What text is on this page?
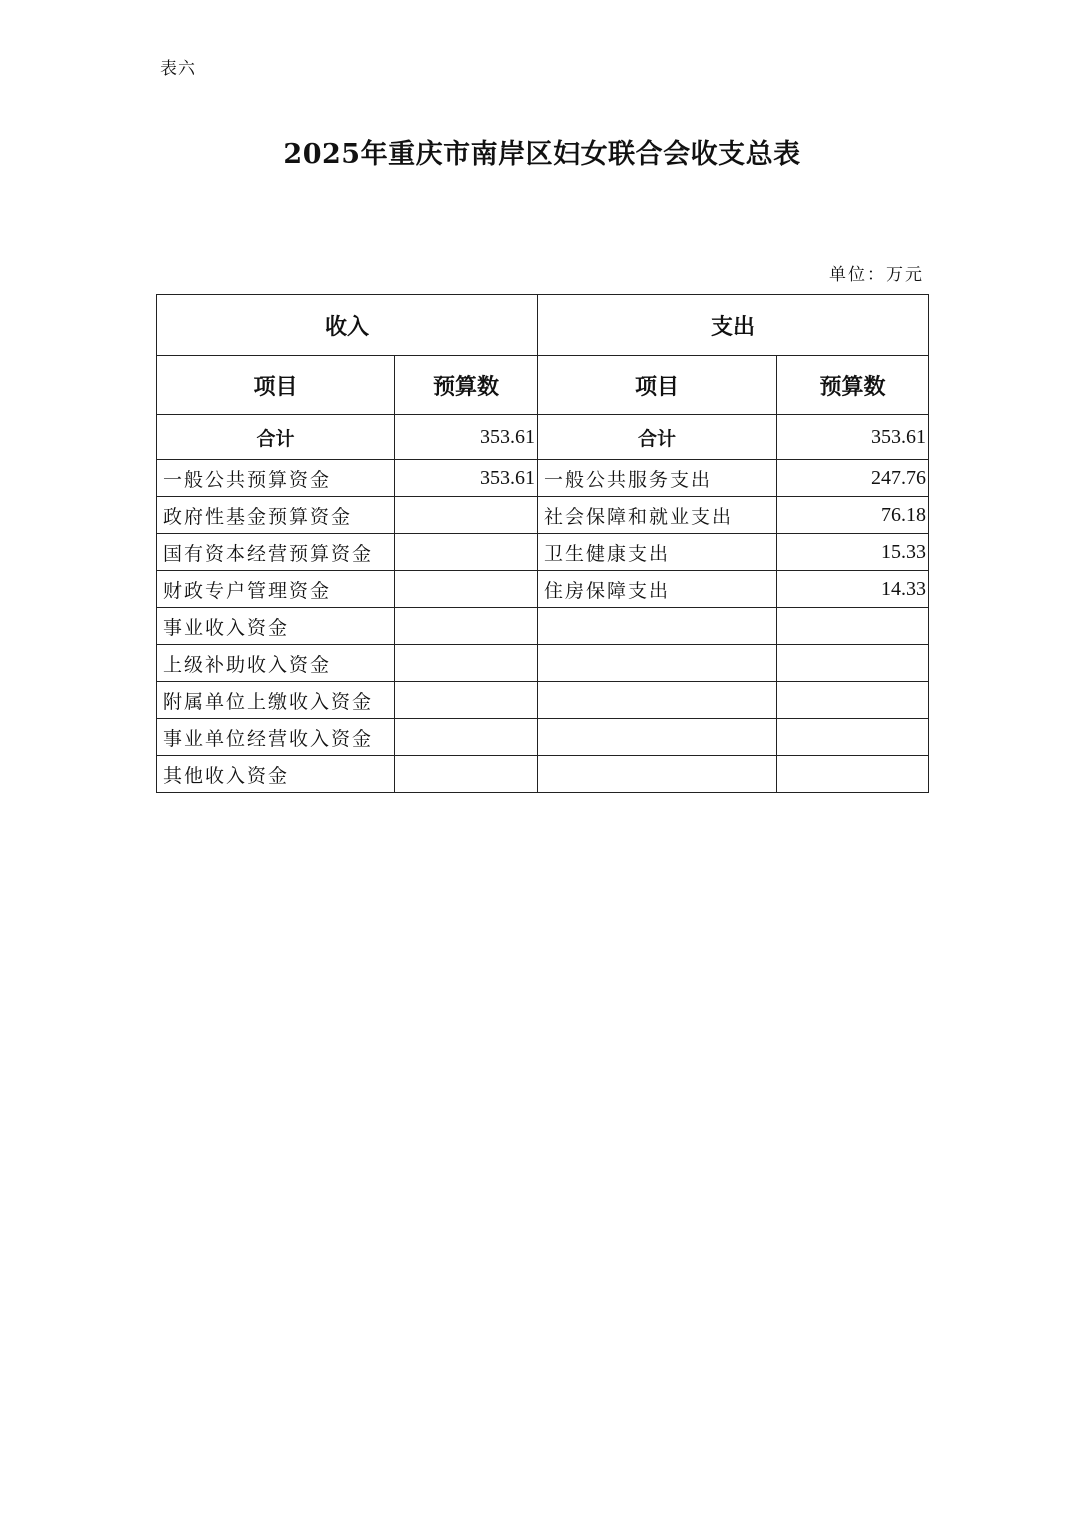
表六
2025年重庆市南岸区妇女联合会收支总表
单位：万元
收入		支出	
项目	预算数	项目	预算数
合计	353.61	合计	353.61
一般公共预算资金	353.61	一般公共服务支出	247.76
政府性基金预算资金		社会保障和就业支出	76.18
国有资本经营预算资金		卫生健康支出	15.33
财政专户管理资金		住房保障支出	14.33
事业收入资金			
上级补助收入资金			
附属单位上缴收入资金			
事业单位经营收入资金			
其他收入资金			
